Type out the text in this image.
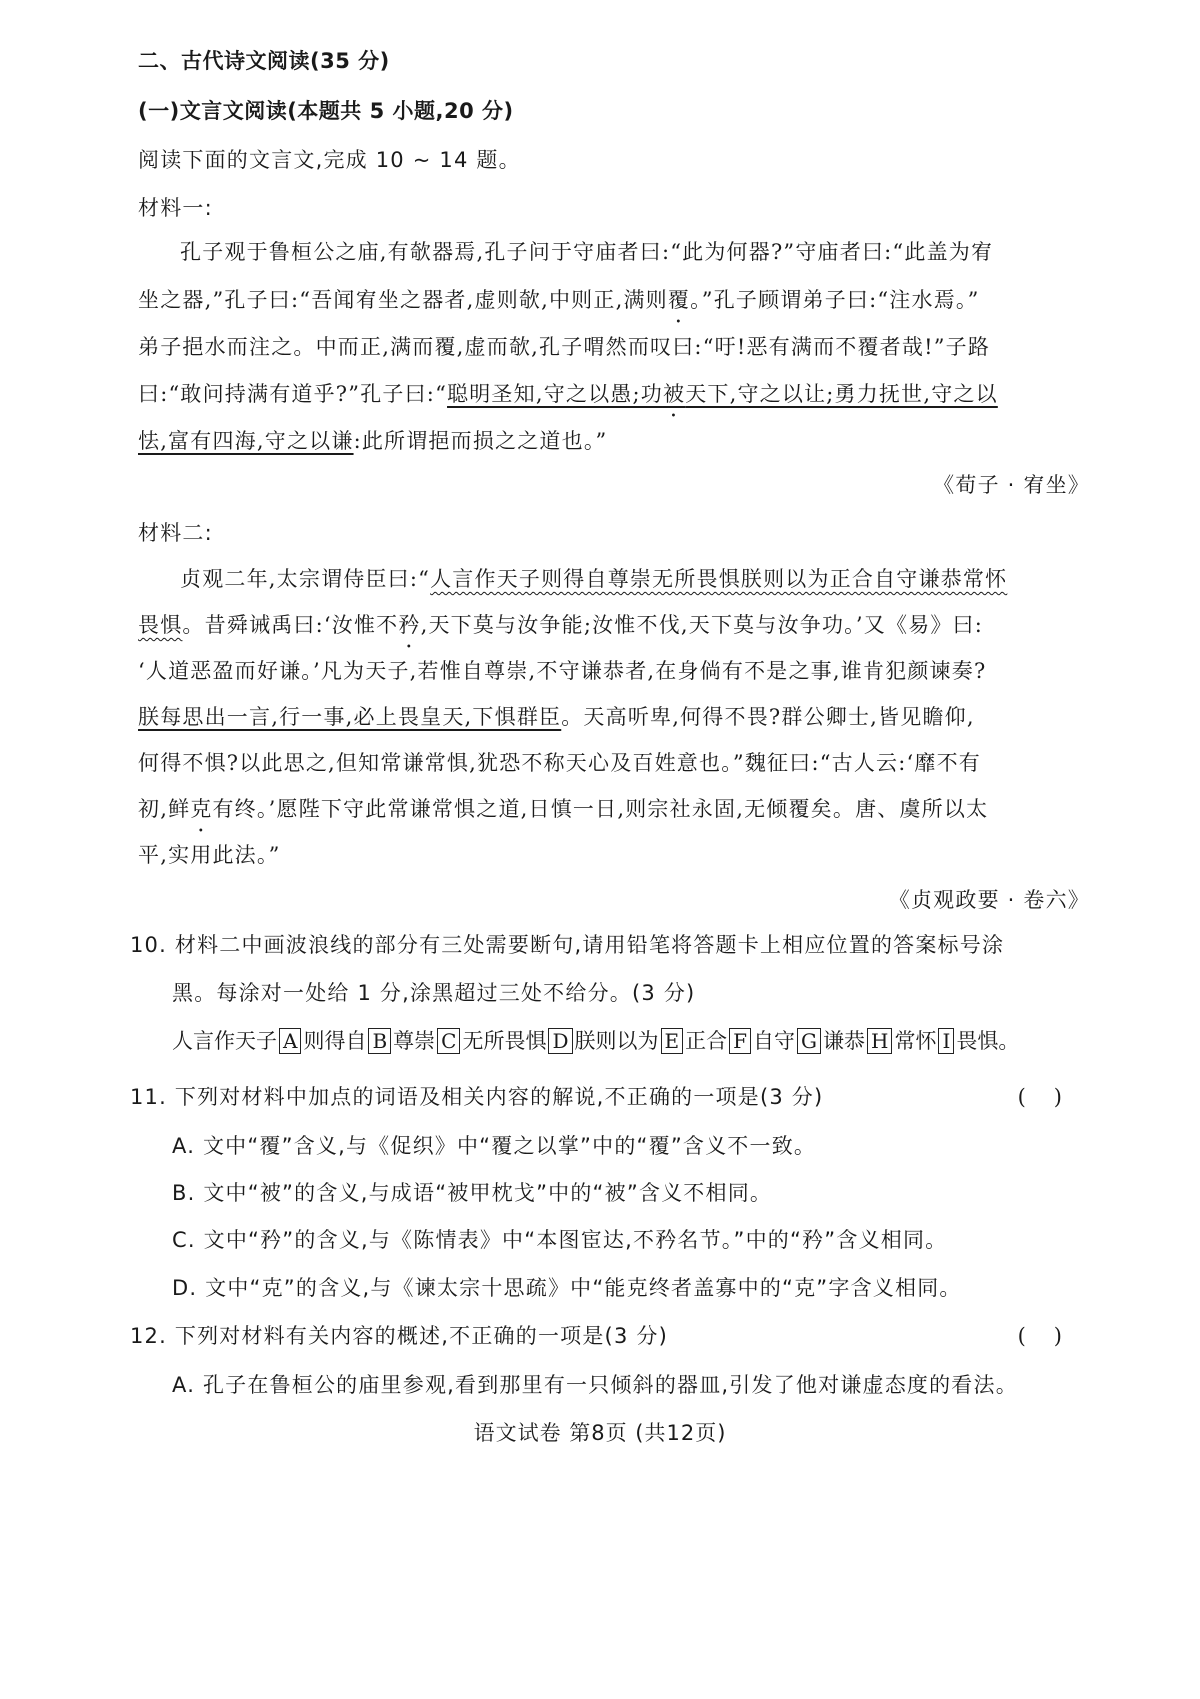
二、古代诗文阅读(35 分)
(一)文言文阅读(本题共 5 小题,20 分)
阅读下面的文言文,完成 10 ~ 14 题。
材料一:
孔子观于鲁桓公之庙,有欹器焉,孔子问于守庙者曰:“此为何器?”守庙者曰:“此盖为宥
坐之器,”孔子曰:“吾闻宥坐之器者,虚则欹,中则正,满则覆。”孔子顾谓弟子曰:“注水焉。”
弟子挹水而注之。中而正,满而覆,虚而欹,孔子喟然而叹曰:“吁!恶有满而不覆者哉!”子路
曰:“敢问持满有道乎?”孔子曰:“聪明圣知,守之以愚;功被天下,守之以让;勇力抚世,守之以
怯,富有四海,守之以谦:此所谓挹而损之之道也。”
《荀子 · 宥坐》
材料二:
贞观二年,太宗谓侍臣曰:“人言作天子则得自尊崇无所畏惧朕则以为正合自守谦恭常怀
畏惧。昔舜诫禹曰:‘汝惟不矜,天下莫与汝争能;汝惟不伐,天下莫与汝争功。’又《易》曰:
‘人道恶盈而好谦。’凡为天子,若惟自尊崇,不守谦恭者,在身倘有不是之事,谁肯犯颜谏奏?
朕每思出一言,行一事,必上畏皇天,下惧群臣。天高听卑,何得不畏?群公卿士,皆见瞻仰,
何得不惧?以此思之,但知常谦常惧,犹恐不称天心及百姓意也。”魏征曰:“古人云:‘靡不有
初,鲜克有终。’愿陛下守此常谦常惧之道,日慎一日,则宗社永固,无倾覆矣。唐、虞所以太
平,实用此法。”
《贞观政要 · 卷六》
10. 材料二中画波浪线的部分有三处需要断句,请用铅笔将答题卡上相应位置的答案标号涂
黑。每涂对一处给 1 分,涂黑超过三处不给分。(3 分)
人言作天子 A 则得自 B 尊崇 C 无所畏惧 D 朕则以为 E 正合 F 自守 G 谦恭 H 常怀 I 畏惧。
11. 下列对材料中加点的词语及相关内容的解说,不正确的一项是(3 分)	()
A. 文中“覆”含义,与《促织》中“覆之以掌”中的“覆”含义不一致。
B. 文中“被”的含义,与成语“被甲枕戈”中的“被”含义不相同。
C. 文中“矜”的含义,与《陈情表》中“本图宦达,不矜名节。”中的“矜”含义相同。
D. 文中“克”的含义,与《谏太宗十思疏》中“能克终者盖寡中的“克”字含义相同。
12. 下列对材料有关内容的概述,不正确的一项是(3 分)	()
A. 孔子在鲁桓公的庙里参观,看到那里有一只倾斜的器皿,引发了他对谦虚态度的看法。
语文试卷 第8页 (共12页)
